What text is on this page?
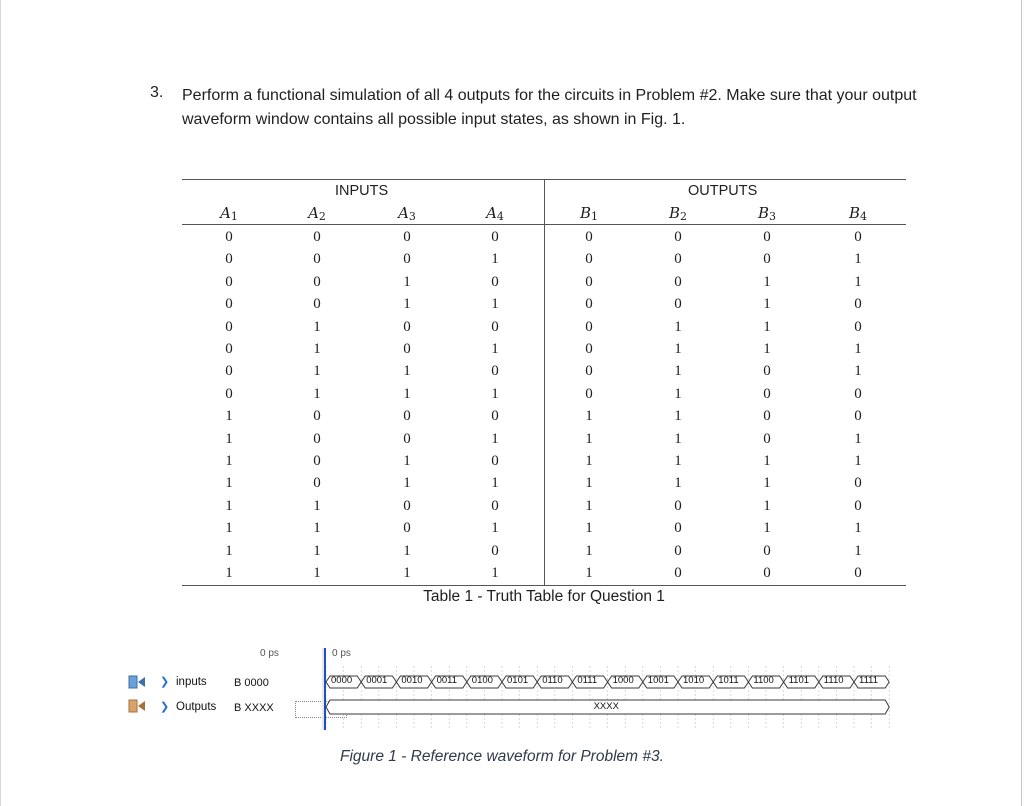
3. Perform a functional simulation of all 4 outputs for the circuits in Problem #2. Make sure that your output waveform window contains all possible input states, as shown in Fig. 1.
INPUTS	OUTPUTS
Table 1 - Truth Table for Question 1
$A_1$	$A_2$	$A_3$	$A_4$	$B_1$	$B_2$	$B_3$	$B_4$
0	0	0	0	0	0	0	0
0	0	0	1	0	0	0	1
0	0	1	0	0	0	1	1
0	0	1	1	0	0	1	0
0	1	0	0	0	1	1	0
0	1	0	1	0	1	1	1
0	1	1	0	0	1	0	1
0	1	1	1	0	1	0	0
1	0	0	0	1	1	0	0
1	0	0	1	1	1	0	1
1	0	1	0	1	1	1	1
1	0	1	1	1	1	1	0
1	1	0	0	1	0	1	0
1	1	0	1	1	0	1	1
1	1	1	0	1	0	0	1
1	1	1	1	1	0	0	0
0 ps
❯ inputs B 0000
❯ Outputs B XXXX
0 ps
0000 0001 0010 0011 0100 0101 0110 0111 1000 1001 1010 1011 1100 1101 1110 1111
XXXX
Figure 1 - Reference waveform for Problem #3.
